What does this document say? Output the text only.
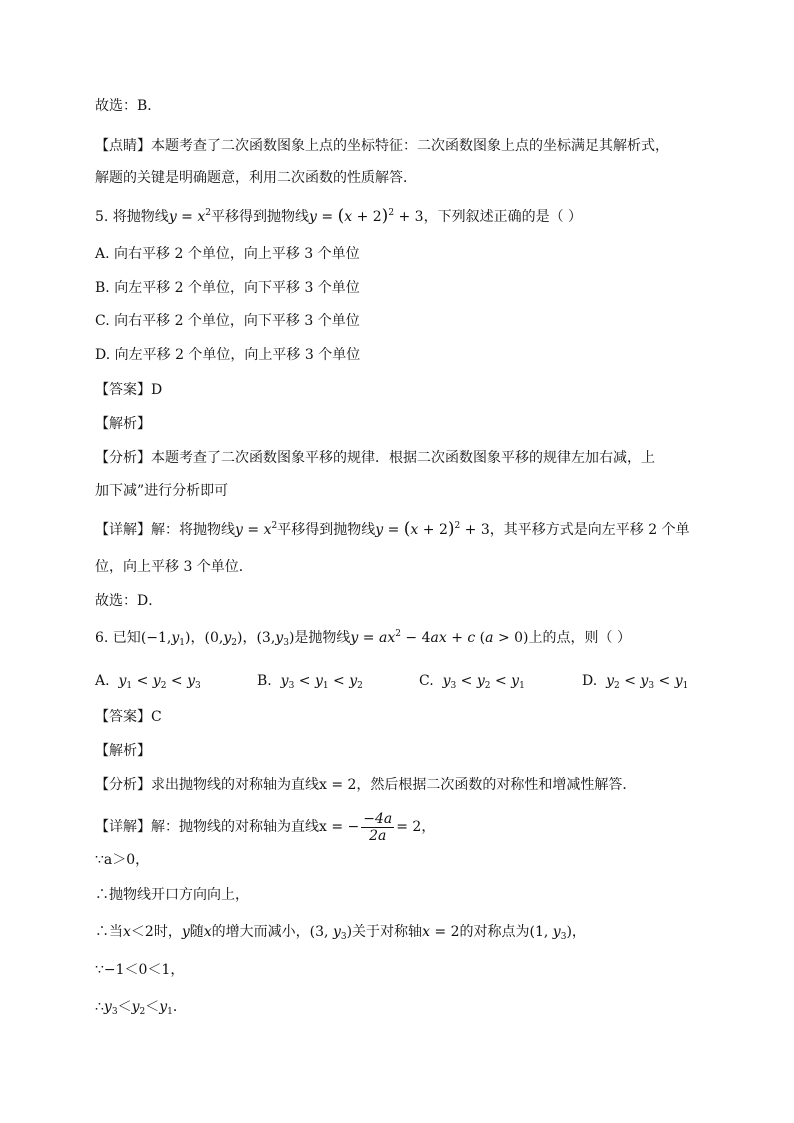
故选：B．
【点睛】本题考查了二次函数图象上点的坐标特征：二次函数图象上点的坐标满足其解析式，
解题的关键是明确题意，利用二次函数的性质解答．
5. 将抛物线$y = x^2$平移得到抛物线$y = (x + 2)^2 + 3$，下列叙述正确的是（ ）
A. 向右平移 2 个单位，向上平移 3 个单位
B. 向左平移 2 个单位，向下平移 3 个单位
C. 向右平移 2 个单位，向下平移 3 个单位
D. 向左平移 2 个单位，向上平移 3 个单位
【答案】D
【解析】
【分析】本题考查了二次函数图象平移的规律．根据二次函数图象平移的规律左加右减，上
加下减”进行分析即可
【详解】解：将抛物线$y = x^2$平移得到抛物线$y = (x + 2)^2 + 3$，其平移方式是向左平移 2 个单
位，向上平移 3 个单位．
故选：D．
6. 已知$(-1,y_1)$，$(0,y_2)$，$(3,y_3)$是抛物线$y = ax^2 - 4ax + c$ (a > 0)上的点，则（ ）
A. $y_1 < y_2 < y_3$	B. $y_3 < y_1 < y_2$	C. $y_3 < y_2 < y_1$	D. $y_2 < y_3 < y_1$
【答案】C
【解析】
【分析】求出抛物线的对称轴为直线x = 2，然后根据二次函数的对称性和增减性解答．
【详解】解：抛物线的对称轴为直线x = − $\frac{-4a}{2a} = 2$，
∵a＞0，
∴抛物线开口方向向上，
∴当x＜2时，y随x的增大而减小，(3, $y_3$)关于对称轴x = 2的对称点为(1, $y_3$)，
∵−1＜0＜1，
$\therefore y_3<y_2<y_1$．
